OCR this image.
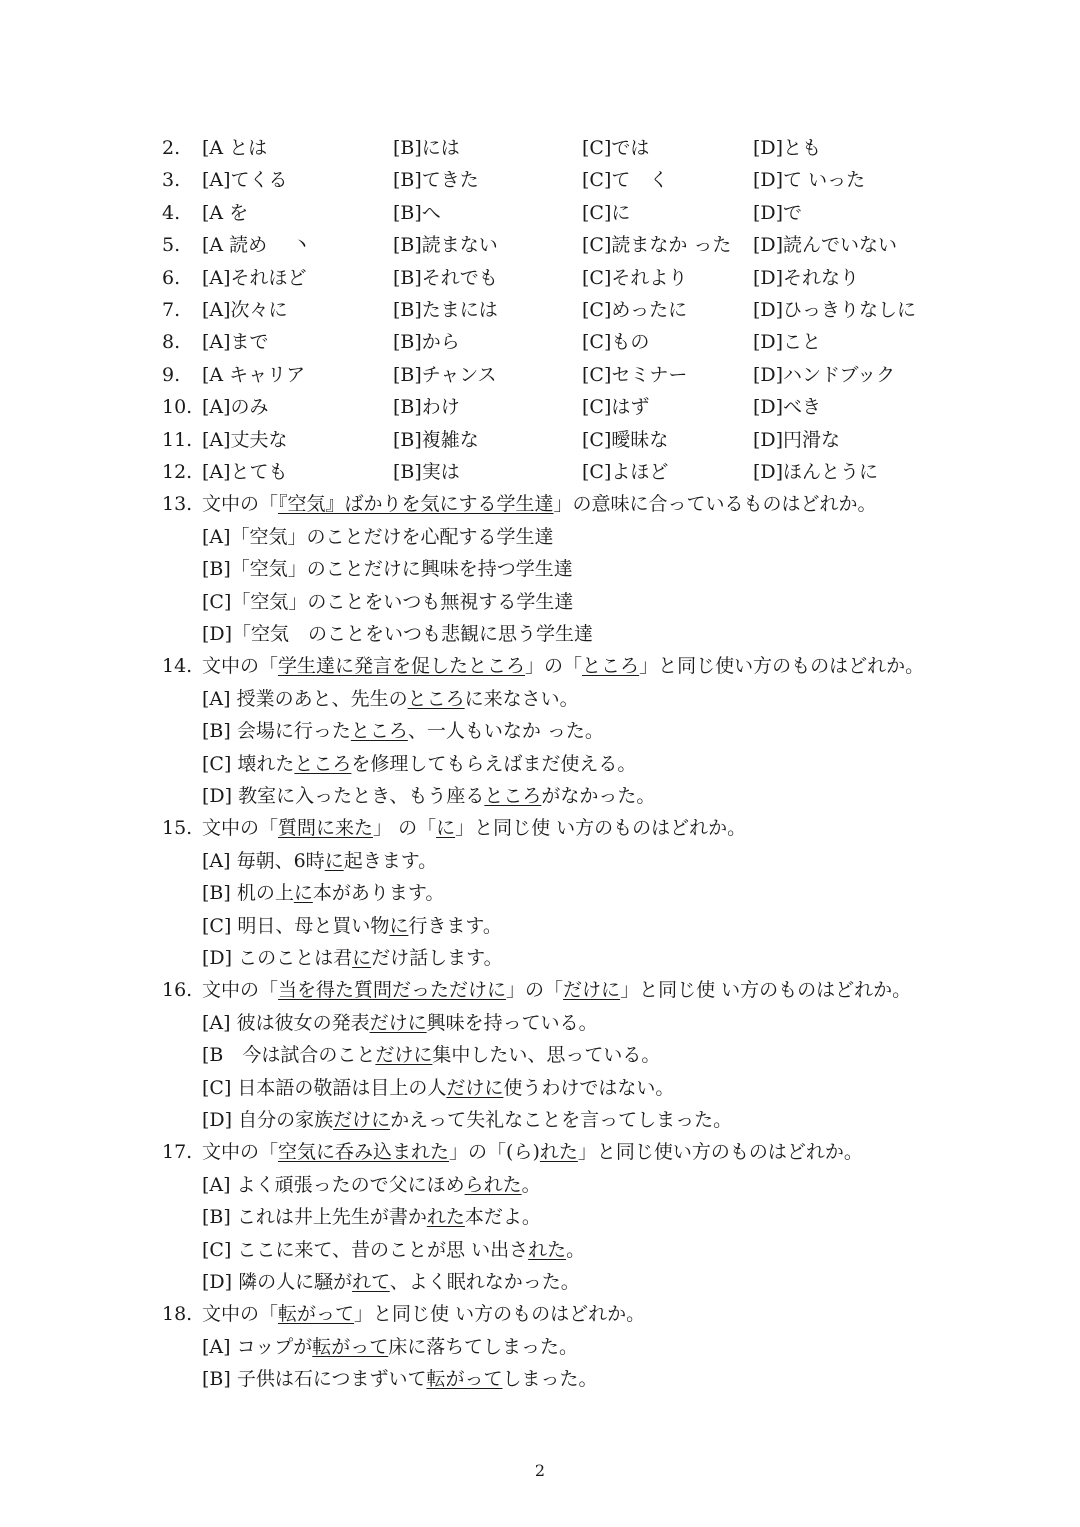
2. [A とは	[B]には	[C]では	[D]とも
3. [A]てくる	[B]てきた	[C]て　く	[D]て いった
4. [A を	[B]へ	[C]に	[D]で
5. [A 読め　 丶	[B]読まない	[C]読まなか った [D]読んでいない
6. [A]それほど	[B]それでも	[C]それより	[D]それなり
7. [A]次々に	[B]たまには	[C]めったに	[D]ひっきりなしに
8. [A]まで	[B]から	[C]もの	[D]こと
9. [A キャリア	[B]チャンス	[C]セミナー	[D]ハンドブック
10. [A]のみ	[B]わけ	[C]はず	[D]べき
11. [A]丈夫な	[B]複雑な	[C]曖昧な	[D]円滑な
12. [A]とても	[B]実は	[C]よほど	[D]ほんとうに
13. 文中の「『空気』ばかりを気にする学生達」の意味に合っているものはどれか。
[A]「空気」のことだけを心配する学生達
[B]「空気」のことだけに興味を持つ学生達
[C]「空気」のことをいつも無視する学生達
[D]「空気　のことをいつも悲観に思う学生達
14. 文中の「学生達に発言を促したところ」の「ところ」と同じ使い方のものはどれか。
[A] 授業のあと、先生のところに来なさい。
[B] 会場に行ったところ、一人もいなか った。
[C] 壊れたところを修理してもらえばまだ使える。
[D] 教室に入ったとき、もう座るところがなかった。
15. 文中の「質問に来た」 の「に」と同じ使 い方のものはどれか。
[A] 毎朝、6時に起きます。
[B] 机の上に本があります。
[C] 明日、母と買い物に行きます。
[D] このことは君にだけ話します。
16. 文中の「当を得た質問だっただけに」の「だけに」と同じ使 い方のものはどれか。
[A] 彼は彼女の発表だけに興味を持っている。
[B　今は試合のことだけに集中したい、思っている。
[C] 日本語の敬語は目上の人だけに使うわけではない。
[D] 自分の家族だけにかえって失礼なことを言ってしまった。
17. 文中の「空気に呑み込まれた」の「(ら)れた」と同じ使い方のものはどれか。
[A] よく頑張ったので父にほめられた。
[B] これは井上先生が書かれた本だよ。
[C] ここに来て、昔のことが思 い出された。
[D] 隣の人に騒がれて、よく眠れなかった。
18. 文中の「転がって」と同じ使 い方のものはどれか。
[A] コップが転がって床に落ちてしまった。
[B] 子供は石につまずいて転がってしまった。
2
